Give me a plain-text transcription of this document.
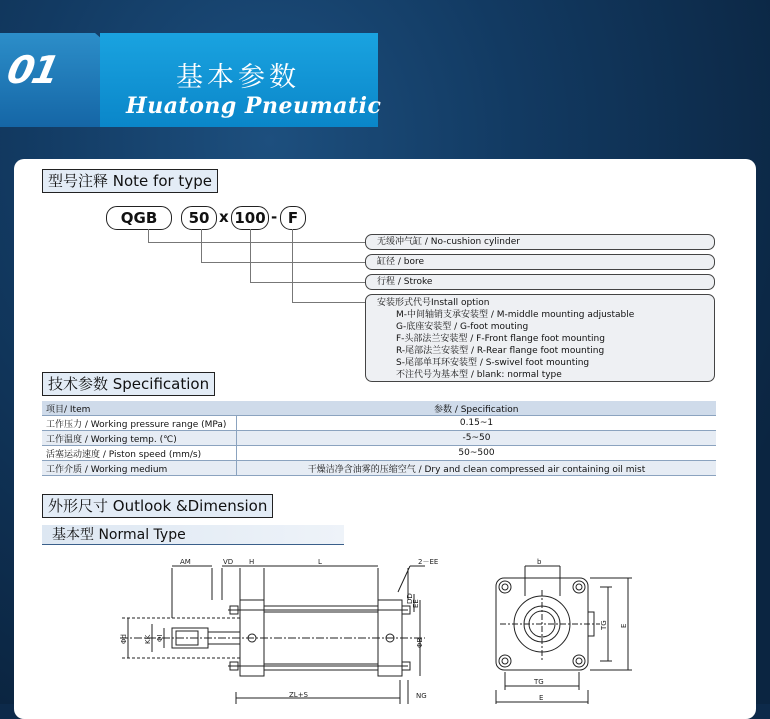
01	基本参数
Huatong Pneumatic
型号注释 Note for type
QGB	50 x 100 - F
无缓冲气缸 / No-cushion cylinder
缸径 / bore
行程 / Stroke
安装形式代号Install option
M-中间轴销支承安装型 / M-middle mounting adjustable
G-底座安装型 / G-foot mouting
F-头部法兰安装型 / F-Front flange foot mounting
R-尾部法兰安装型 / R-Rear flange foot mounting
S-尾部单耳环安装型 / S-swivel foot mounting
不注代号为基本型 / blank: normal type
技术参数 Specification
项目/ Item	参数 / Specification
工作压力 / Working pressure range (MPa)	0.15~1
工作温度 / Working temp. (℃)	-5~50
活塞运动速度 / Piston speed (mm/s)	50~500
工作介质 / Working medium	干燥洁净含油雾的压缩空气 / Dry and clean compressed air containing oil mist
外形尺寸 Outlook &Dimension
基本型 Normal Type
AM	VD H	L	2－EE
EE
ΦB
Φd KK ΦI
DD
ZL+S	NG
b
TG E
TG
E
